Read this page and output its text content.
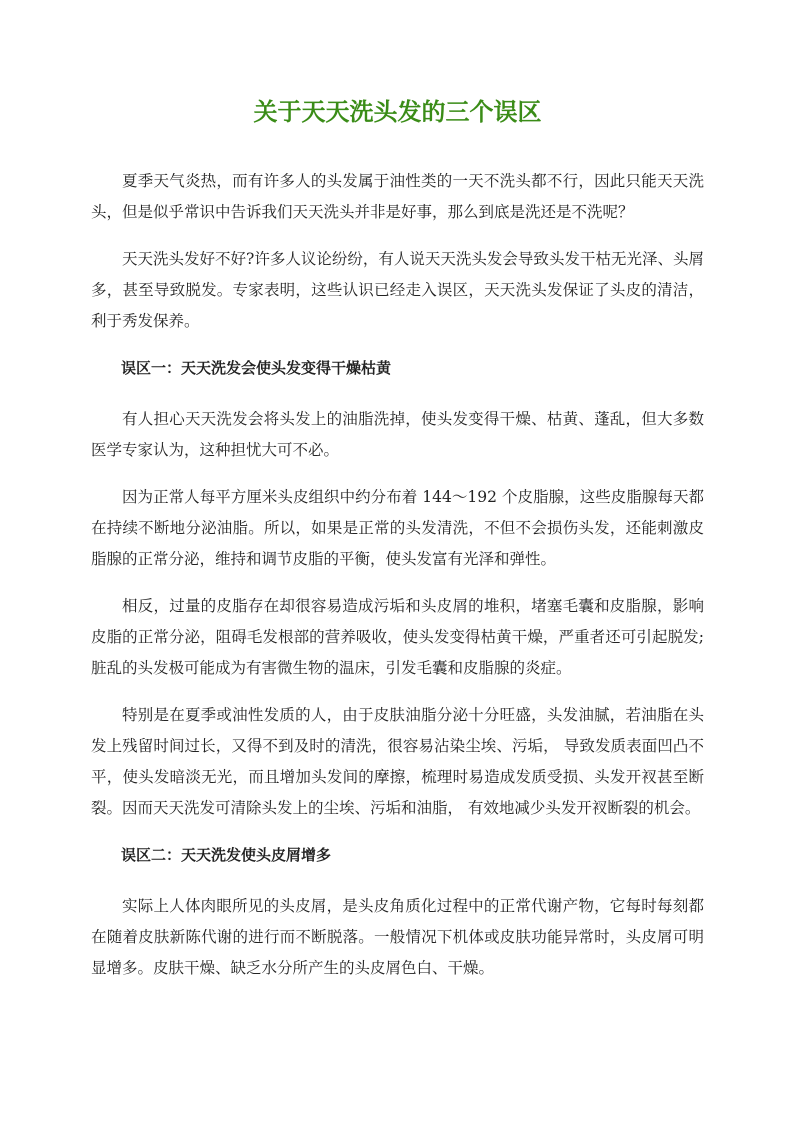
关于天天洗头发的三个误区

夏季天气炎热，而有许多人的头发属于油性类的一天不洗头都不行，因此只能天天洗头，但是似乎常识中告诉我们天天洗头并非是好事，那么到底是洗还是不洗呢？

天天洗头发好不好?许多人议论纷纷，有人说天天洗头发会导致头发干枯无光泽、头屑多，甚至导致脱发。专家表明，这些认识已经走入误区，天天洗头发保证了头皮的清洁，利于秀发保养。

误区一：天天洗发会使头发变得干燥枯黄

有人担心天天洗发会将头发上的油脂洗掉，使头发变得干燥、枯黄、蓬乱，但大多数医学专家认为，这种担忧大可不必。

因为正常人每平方厘米头皮组织中约分布着 144～192 个皮脂腺，这些皮脂腺每天都在持续不断地分泌油脂。所以，如果是正常的头发清洗，不但不会损伤头发，还能刺激皮脂腺的正常分泌，维持和调节皮脂的平衡，使头发富有光泽和弹性。

相反，过量的皮脂存在却很容易造成污垢和头皮屑的堆积，堵塞毛囊和皮脂腺，影响皮脂的正常分泌，阻碍毛发根部的营养吸收，使头发变得枯黄干燥，严重者还可引起脱发;脏乱的头发极可能成为有害微生物的温床，引发毛囊和皮脂腺的炎症。

特别是在夏季或油性发质的人，由于皮肤油脂分泌十分旺盛，头发油腻，若油脂在头发上残留时间过长，又得不到及时的清洗，很容易沾染尘埃、污垢， 导致发质表面凹凸不平，使头发暗淡无光，而且增加头发间的摩擦，梳理时易造成发质受损、头发开衩甚至断裂。因而天天洗发可清除头发上的尘埃、污垢和油脂， 有效地减少头发开衩断裂的机会。

误区二：天天洗发使头皮屑增多

实际上人体肉眼所见的头皮屑，是头皮角质化过程中的正常代谢产物，它每时每刻都在随着皮肤新陈代谢的进行而不断脱落。一般情况下机体或皮肤功能异常时，头皮屑可明显增多。皮肤干燥、缺乏水分所产生的头皮屑色白、干燥。
